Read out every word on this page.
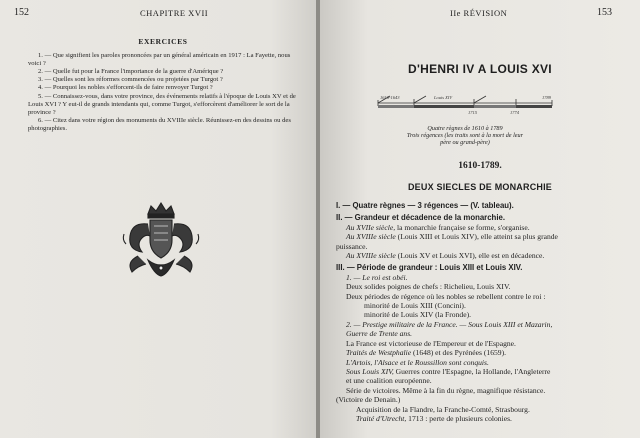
152	CHAPITRE XVII
EXERCICES

1. — Que signifient les paroles prononcées par un général américain en 1917 : La Fayette, nous voici ?

2. — Quelle fut pour la France l'importance de la guerre d'Amérique ?

3. — Quelles sont les réformes commencées ou projetées par Turgot ?

4. — Pourquoi les nobles s'efforcent-ils de faire renvoyer Turgot ?

5. — Connaissez-vous, dans votre province, des événements relatifs à l'époque de Louis XV et de Louis XVI ? Y eut-il de grands intendants qui, comme Turgot, s'efforcèrent d'améliorer le sort de la province ?

6. — Citez dans votre région des monuments du XVIIIe siècle. Réunissez-en des dessins ou des photographies.

IIe RÉVISION	153
D'HENRI IV A LOUIS XVI
1610-1643	Louis XIV
1715	1774
1789
Quatre règnes de 1610 à 1789
Trois régences (les traits sont à la mort de leur
père ou grand-père)
1610-1789.
DEUX SIECLES DE MONARCHIE

I. — Quatre règnes — 3 régences — (V. tableau).

II. — Grandeur et décadence de la monarchie.

Au XVIIe siècle, la monarchie française se forme, s'organise.

Au XVIIIe siècle (Louis XIII et Louis XIV), elle atteint sa plus grande

puissance.

Au XVIIIe siècle (Louis XV et Louis XVI), elle est en décadence.

III. — Période de grandeur : Louis XIII et Louis XIV.

1. — Le roi est obéi.

Deux solides poignes de chefs : Richelieu, Louis XIV.

Deux périodes de régence où les nobles se rebellent contre le roi :

minorité de Louis XIII (Concini).

minorité de Louis XIV (la Fronde).

2. — Prestige militaire de la France. — Sous Louis XIII et Mazarin,

Guerre de Trente ans.

La France est victorieuse de l'Empereur et de l'Espagne.

Traités de Westphalie (1648) et des Pyrénées (1659).

L'Artois, l'Alsace et le Roussillon sont conquis.

Sous Louis XIV, Guerres contre l'Espagne, la Hollande, l'Angleterre

et une coalition européenne.

Série de victoires. Même à la fin du règne, magnifique résistance.

(Victoire de Denain.)

Acquisition de la Flandre, la Franche-Comté, Strasbourg.

Traité d'Utrecht, 1713 : perte de plusieurs colonies.
